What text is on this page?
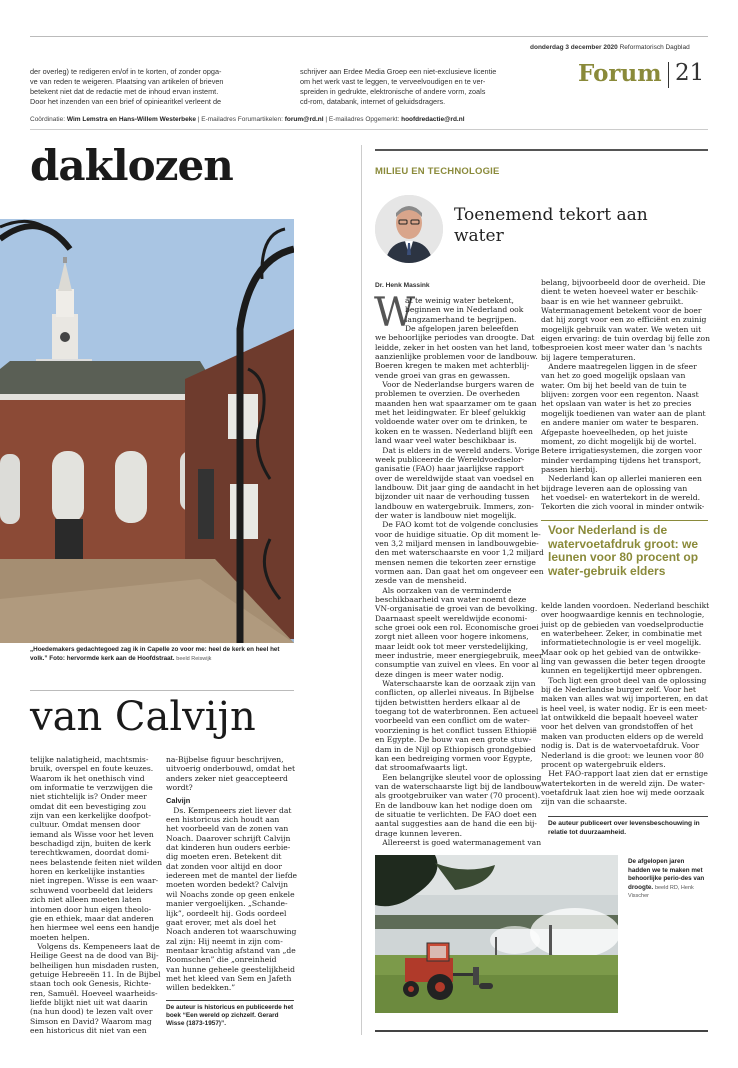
donderdag 3 december 2020 Reformatorisch Dagblad
Forum 21
der overleg) te redigeren en/of in te korten, of zonder opga-
ve van reden te weigeren. Plaatsing van artikelen of brieven
betekent niet dat de redactie met de inhoud ervan instemt.
Door het inzenden van een brief of opiniearitkel verleent de
schrijver aan Erdee Media Groep een niet-exclusieve licentie
om het werk vast te leggen, te verveelvoudigen en te ver-
spreiden in gedrukte, elektronische of andere vorm, zoals
cd-rom, databank, internet of geluidsdragers.
Coördinatie: Wim Lemstra en Hans-Willem Westerbeke | E-mailadres Forumartikelen: forum@rd.nl | E-mailadres Opgemerkt: hoofdredactie@rd.nl
daklozen
„Hoedemakers gedachtegoed zag ik in Capelle zo voor me: heel de kerk en heel het volk.” Foto: hervormde kerk aan de Hoofdstraat. beeld Reiswijk
van Calvijn
telijke nalatigheid, machtsmis-
bruik, overspel en foute keuzes.
Waarom ik het onethisch vind
om informatie te verzwijgen die
niet stichtelijk is? Onder meer
omdat dit een bevestiging zou
zijn van een kerkelijke doofpot-
cultuur. Omdat mensen door
iemand als Wisse voor het leven
beschadigd zijn, buiten de kerk
terechtkwamen, doordat domi-
nees belastende feiten niet wilden
horen en kerkelijke instanties
niet ingrepen. Wisse is een waar-
schuwend voorbeeld dat leiders
zich niet alleen moeten laten
intomen door hun eigen theolo-
gie en ethiek, maar dat anderen
hen hiermee wel eens een handje
moeten helpen.
Volgens ds. Kempeneers laat de
Heilige Geest na de dood van Bij-
belheiligen hun misdaden rusten,
getuige Hebreeën 11. In de Bijbel
staan toch ook Genesis, Richte-
ren, Samuël. Hoeveel waarheids-
liefde blijkt niet uit wat daarin
(na hun dood) te lezen valt over
Simson en David? Waarom mag
een historicus dit niet van een
na-Bijbelse figuur beschrijven,
uitvoerig onderbouwd, omdat het
anders zeker niet geaccepteerd
wordt?
Calvijn
Ds. Kempeneers ziet liever dat
een historicus zich houdt aan
het voorbeeld van de zonen van
Noach. Daarover schrijft Calvijn
dat kinderen hun ouders eerbie-
dig moeten eren. Betekent dit
dat zonden voor altijd en door
iedereen met de mantel der liefde
moeten worden bedekt? Calvijn
wil Noachs zonde op geen enkele
manier vergoelijken. „Schande-
lijk”, oordeelt hij. Gods oordeel
gaat erover, met als doel het
Noach anderen tot waarschuwing
zal zijn: Hij neemt in zijn com-
mentaar krachtig afstand van „de
Roomschen” die „onreinheid
van hunne geheele geestelijkheid
met het kleed van Sem en Jafeth
willen bedekken.”
De auteur is historicus en publiceerde het boek “Een wereld op zichzelf. Gerard Wisse (1873-1957)”.
MILIEU EN TECHNOLOGIE
Toenemend tekort aan water
Dr. Henk Massink
W
at te weinig water betekent,
beginnen we in Nederland ook
langzamerhand te begrijpen.
De afgelopen jaren beleefden
we behoorlijke periodes van droogte. Dat
leidde, zeker in het oosten van het land, tot
aanzienlijke problemen voor de landbouw.
Boeren kregen te maken met achterblij-
vende groei van gras en gewassen.
Voor de Nederlandse burgers waren de
problemen te overzien. De overheden
maanden hen wat spaarzamer om te gaan
met het leidingwater. Er bleef gelukkig
voldoende water over om te drinken, te
koken en te wassen. Nederland blijft een
land waar veel water beschikbaar is.
Dat is elders in de wereld anders. Vorige
week publiceerde de Wereldvoedselor-
ganisatie (FAO) haar jaarlijkse rapport
over de wereldwijde staat van voedsel en
landbouw. Dit jaar ging de aandacht in het
bijzonder uit naar de verhouding tussen
landbouw en watergebruik. Immers, zon-
der water is landbouw niet mogelijk.
De FAO komt tot de volgende conclusies
voor de huidige situatie. Op dit moment le-
ven 3,2 miljard mensen in landbouwgebie-
den met waterschaarste en voor 1,2 miljard
mensen nemen die tekorten zeer ernstige
vormen aan. Dan gaat het om ongeveer een
zesde van de mensheid.
Als oorzaken van de verminderde
beschikbaarheid van water noemt deze
VN-organisatie de groei van de bevolking.
Daarnaast speelt wereldwijde economi-
sche groei ook een rol. Economische groei
zorgt niet alleen voor hogere inkomens,
maar leidt ook tot meer verstedelijking,
meer industrie, meer energiegebruik, meer
consumptie van zuivel en vlees. En voor al
deze dingen is meer water nodig.
Waterschaarste kan de oorzaak zijn van
conflicten, op allerlei niveaus. In Bijbelse
tijden betwistten herders elkaar al de
toegang tot de waterbronnen. Een actueel
voorbeeld van een conflict om de water-
voorziening is het conflict tussen Ethiopië
en Egypte. De bouw van een grote stuw-
dam in de Nijl op Ethiopisch grondgebied
kan een bedreiging vormen voor Egypte,
dat stroomafwaarts ligt.
Een belangrijke sleutel voor de oplossing
van de waterschaarste ligt bij de landbouw
als grootgebruiker van water (70 procent).
En de landbouw kan het nodige doen om
de situatie te verlichten. De FAO doet een
aantal suggesties aan de hand die een bij-
drage kunnen leveren.
Allereerst is goed watermanagement van
belang, bijvoorbeeld door de overheid. Die
dient te weten hoeveel water er beschik-
baar is en wie het wanneer gebruikt.
Watermanagement betekent voor de boer
dat hij zorgt voor een zo efficiënt en zuinig
mogelijk gebruik van water. We weten uit
eigen ervaring: de tuin overdag bij felle zon
besproeien kost meer water dan 's nachts
bij lagere temperaturen.
Andere maatregelen liggen in de sfeer
van het zo goed mogelijk opslaan van
water. Om bij het beeld van de tuin te
blijven: zorgen voor een regenton. Naast
het opslaan van water is het zo precies
mogelijk toedienen van water aan de plant
en andere manier om water te besparen.
Afgepaste hoeveelheden, op het juiste
moment, zo dicht mogelijk bij de wortel.
Betere irrigatiesystemen, die zorgen voor
minder verdamping tijdens het transport,
passen hierbij.
Nederland kan op allerlei manieren een
bijdrage leveren aan de oplossing van
het voedsel- en watertekort in de wereld.
Tekorten die zich vooral in minder ontwik-
Voor Nederland is de watervoetafdruk groot: we leunen voor 80 procent op water-gebruik elders
kelde landen voordoen. Nederland beschikt
over hoogwaardige kennis en technologie,
juist op de gebieden van voedselproductie
en waterbeheer. Zeker, in combinatie met
informatietechnologie is er veel mogelijk.
Maar ook op het gebied van de ontwikke-
ling van gewassen die beter tegen droogte
kunnen en tegelijkertijd meer opbrengen.
Toch ligt een groot deel van de oplossing
bij de Nederlandse burger zelf. Voor het
maken van alles wat wij importeren, en dat
is heel veel, is water nodig. Er is een meet-
lat ontwikkeld die bepaalt hoeveel water
voor het delven van grondstoffen of het
maken van producten elders op de wereld
nodig is. Dat is de watervoetafdruk. Voor
Nederland is die groot: we leunen voor 80
procent op watergebruik elders.
Het FAO-rapport laat zien dat er ernstige
watertekorten in de wereld zijn. De water-
voetafdruk laat zien hoe wij mede oorzaak
zijn van die schaarste.
De auteur publiceert over levensbeschouwing in relatie tot duurzaamheid.
De afgelopen jaren hadden we te maken met behoorlijke perio-des van droogte. beeld RD, Henk Visscher
